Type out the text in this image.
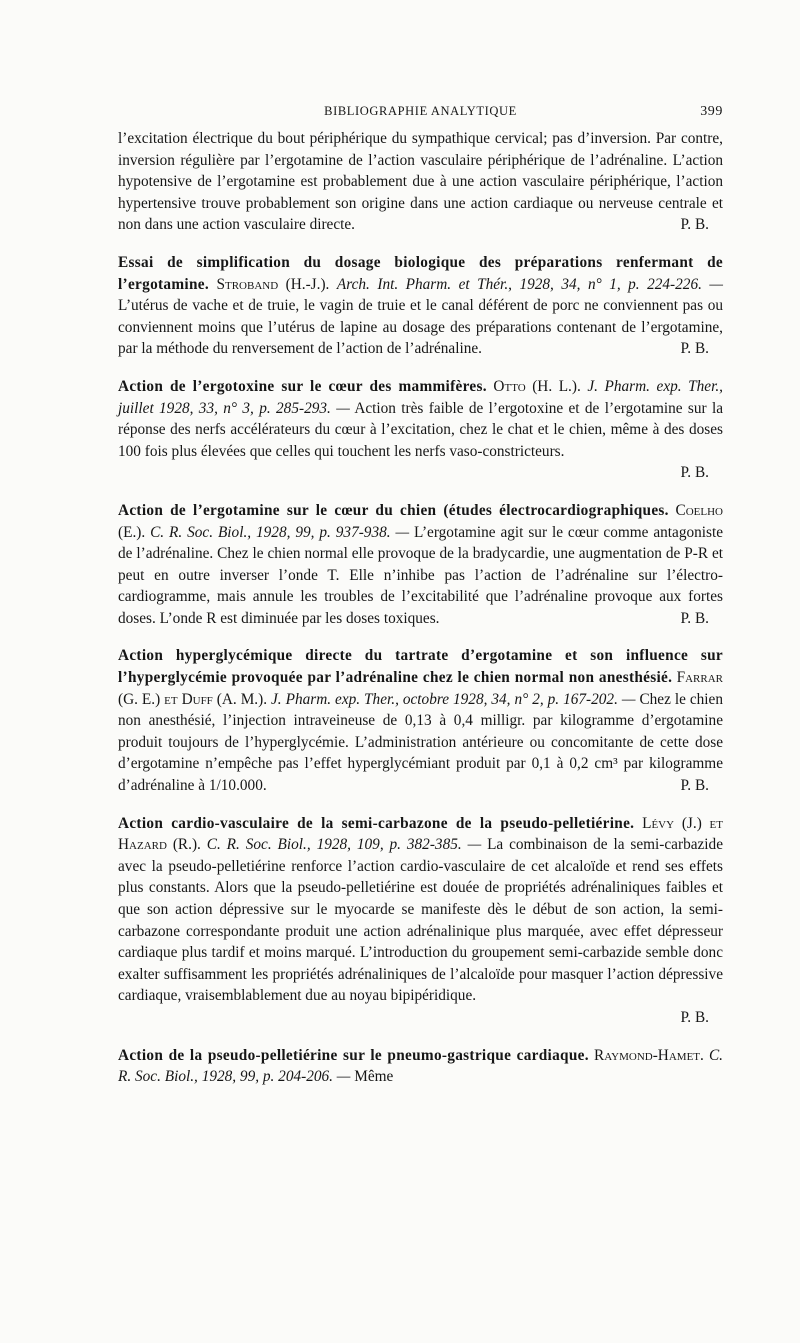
BIBLIOGRAPHIE ANALYTIQUE	399

l’excitation électrique du bout périphérique du sympathique cervical; pas d’inversion. Par contre, inversion régulière par l’ergotamine de l’action vasculaire périphérique de l’adrénaline. L’action hypotensive de l’ergotamine est probablement due à une action vasculaire périphérique, l’action hypertensive trouve probablement son origine dans une action cardiaque ou nerveuse centrale et non dans une action vasculaire directe.	P. B.

Essai de simplification du dosage biologique des préparations renfermant de l’ergotamine. Stroband (H.-J.). Arch. Int. Pharm. et Thér., 1928, 34, n° 1, p. 224-226. — L’utérus de vache et de truie, le vagin de truie et le canal déférent de porc ne conviennent pas ou conviennent moins que l’utérus de lapine au dosage des préparations contenant de l’ergotamine, par la méthode du renversement de l’action de l’adrénaline.	P. B.

Action de l’ergotoxine sur le cœur des mammifères. Otto (H. L.). J. Pharm. exp. Ther., juillet 1928, 33, n° 3, p. 285-293. — Action très faible de l’ergotoxine et de l’ergotamine sur la réponse des nerfs accélérateurs du cœur à l’excitation, chez le chat et le chien, même à des doses 100 fois plus élevées que celles qui touchent les nerfs vaso-constricteurs.

P. B.

Action de l’ergotamine sur le cœur du chien (études électrocardiographiques. Coelho (E.). C. R. Soc. Biol., 1928, 99, p. 937-938. — L’ergotamine agit sur le cœur comme antagoniste de l’adrénaline. Chez le chien normal elle provoque de la bradycardie, une augmentation de P-R et peut en outre inverser l’onde T. Elle n’inhibe pas l’action de l’adrénaline sur l’électro-cardiogramme, mais annule les troubles de l’excitabilité que l’adrénaline provoque aux fortes doses. L’onde R est diminuée par les doses toxiques.	P. B.

Action hyperglycémique directe du tartrate d’ergotamine et son influence sur l’hyperglycémie provoquée par l’adrénaline chez le chien normal non anesthésié. Farrar (G. E.) et Duff (A. M.). J. Pharm. exp. Ther., octobre 1928, 34, n° 2, p. 167-202. — Chez le chien non anesthésié, l’injection intraveineuse de 0,13 à 0,4 milligr. par kilogramme d’ergotamine produit toujours de l’hyperglycémie. L’administration antérieure ou concomitante de cette dose d’ergotamine n’empêche pas l’effet hyperglycémiant produit par 0,1 à 0,2 cm³ par kilogramme d’adrénaline à 1/10.000.	P. B.

Action cardio-vasculaire de la semi-carbazone de la pseudo-pelletiérine. Lévy (J.) et Hazard (R.). C. R. Soc. Biol., 1928, 109, p. 382-385. — La combinaison de la semi-carbazide avec la pseudo-pelletiérine renforce l’action cardio-vasculaire de cet alcaloïde et rend ses effets plus constants. Alors que la pseudo-pelletiérine est douée de propriétés adrénaliniques faibles et que son action dépressive sur le myocarde se manifeste dès le début de son action, la semi-carbazone correspondante produit une action adrénalinique plus marquée, avec effet dépresseur cardiaque plus tardif et moins marqué. L’introduction du groupement semi-carbazide semble donc exalter suffisamment les propriétés adrénaliniques de l’alcaloïde pour masquer l’action dépressive cardiaque, vraisemblablement due au noyau bipipéridique.

P. B.

Action de la pseudo-pelletiérine sur le pneumo-gastrique cardiaque. Raymond-Hamet. C. R. Soc. Biol., 1928, 99, p. 204-206. — Même
